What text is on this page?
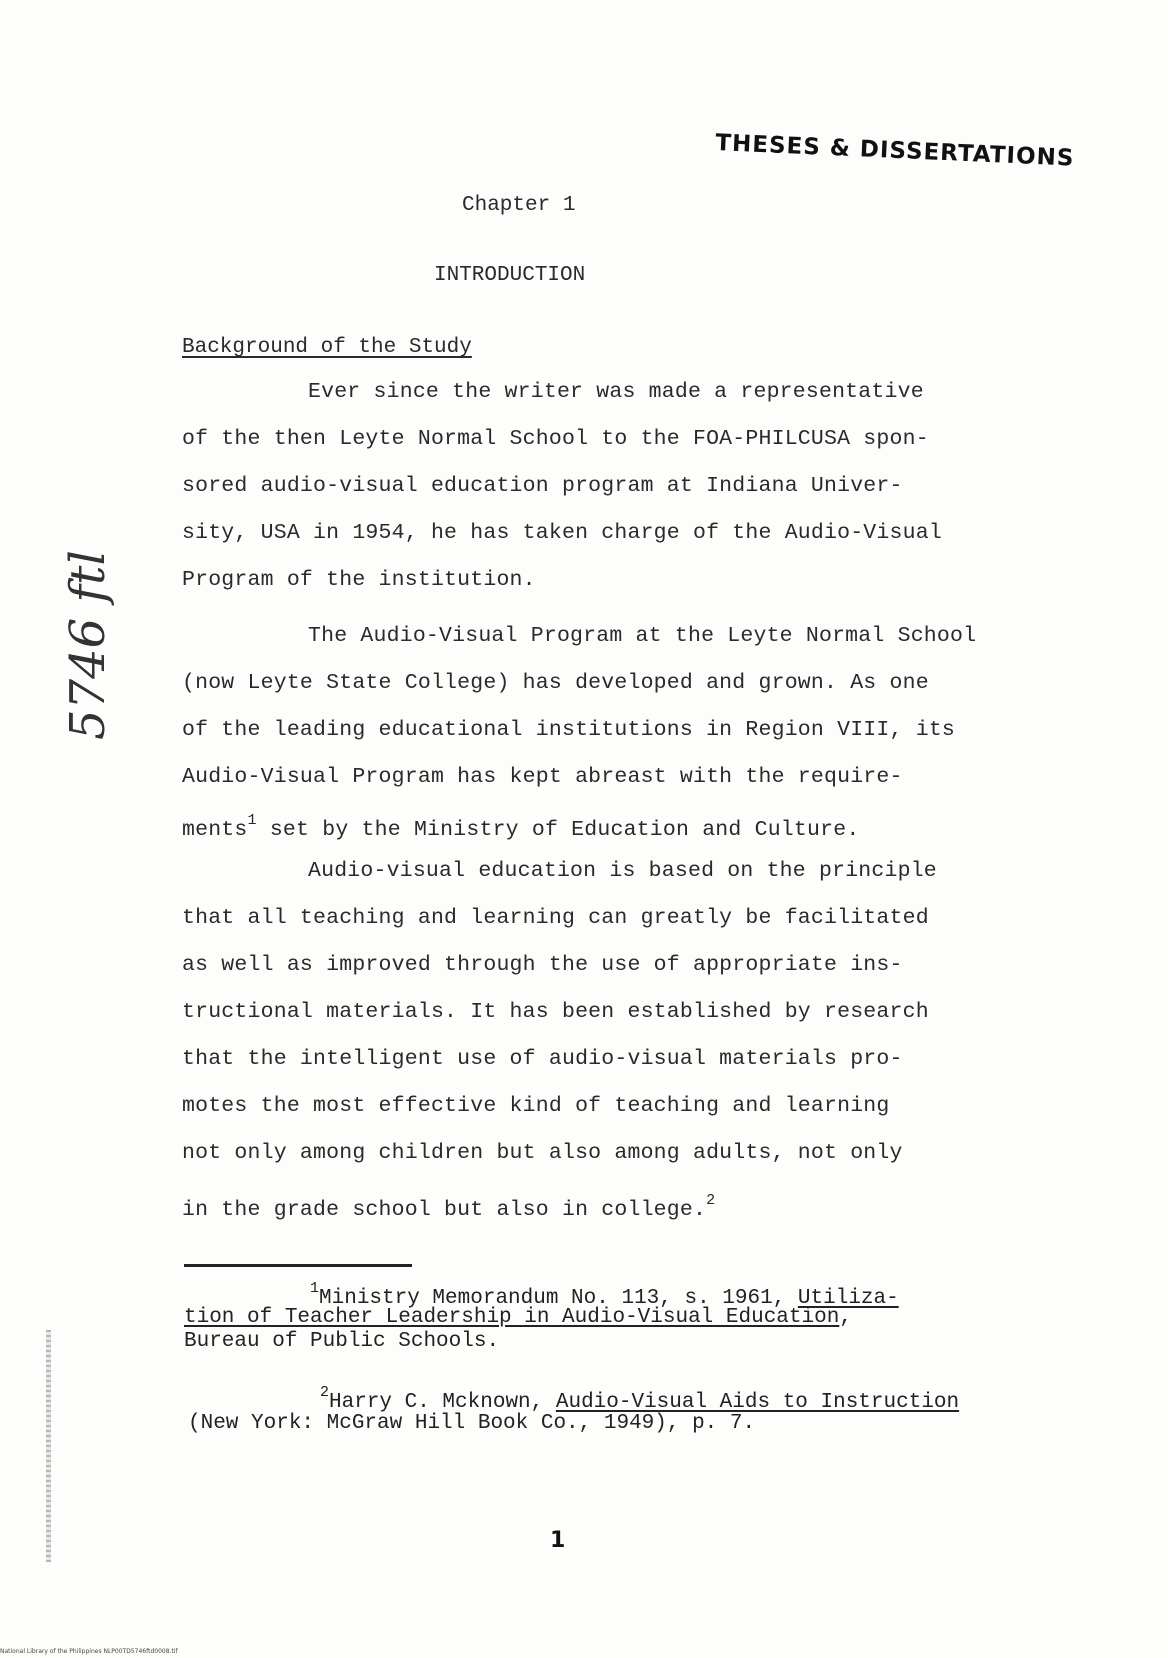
THESES & DISSERTATIONS
Chapter 1
INTRODUCTION
Background of the Study
5746 ftl
Ever since the writer was made a representative
of the then Leyte Normal School to the FOA-PHILCUSA spon-
sored audio-visual education program at Indiana Univer-
sity, USA in 1954, he has taken charge of the Audio-Visual
Program of the institution.
The Audio-Visual Program at the Leyte Normal School
(now Leyte State College) has developed and grown. As one
of the leading educational institutions in Region VIII, its
Audio-Visual Program has kept abreast with the require-
ments$^1$ set by the Ministry of Education and Culture.
Audio-visual education is based on the principle
that all teaching and learning can greatly be facilitated
as well as improved through the use of appropriate ins-
tructional materials. It has been established by research
that the intelligent use of audio-visual materials pro-
motes the most effective kind of teaching and learning
not only among children but also among adults, not only
in the grade school but also in college.$^2$
$^1$Ministry Memorandum No. 113, s. 1961, Utiliza-
tion of Teacher Leadership in Audio-Visual Education,
Bureau of Public Schools.
$^2$Harry C. Mcknown, Audio-Visual Aids to Instruction
(New York: McGraw Hill Book Co., 1949), p. 7.
1
National Library of the Philippines NLP00TD5746ftd0008.tif
